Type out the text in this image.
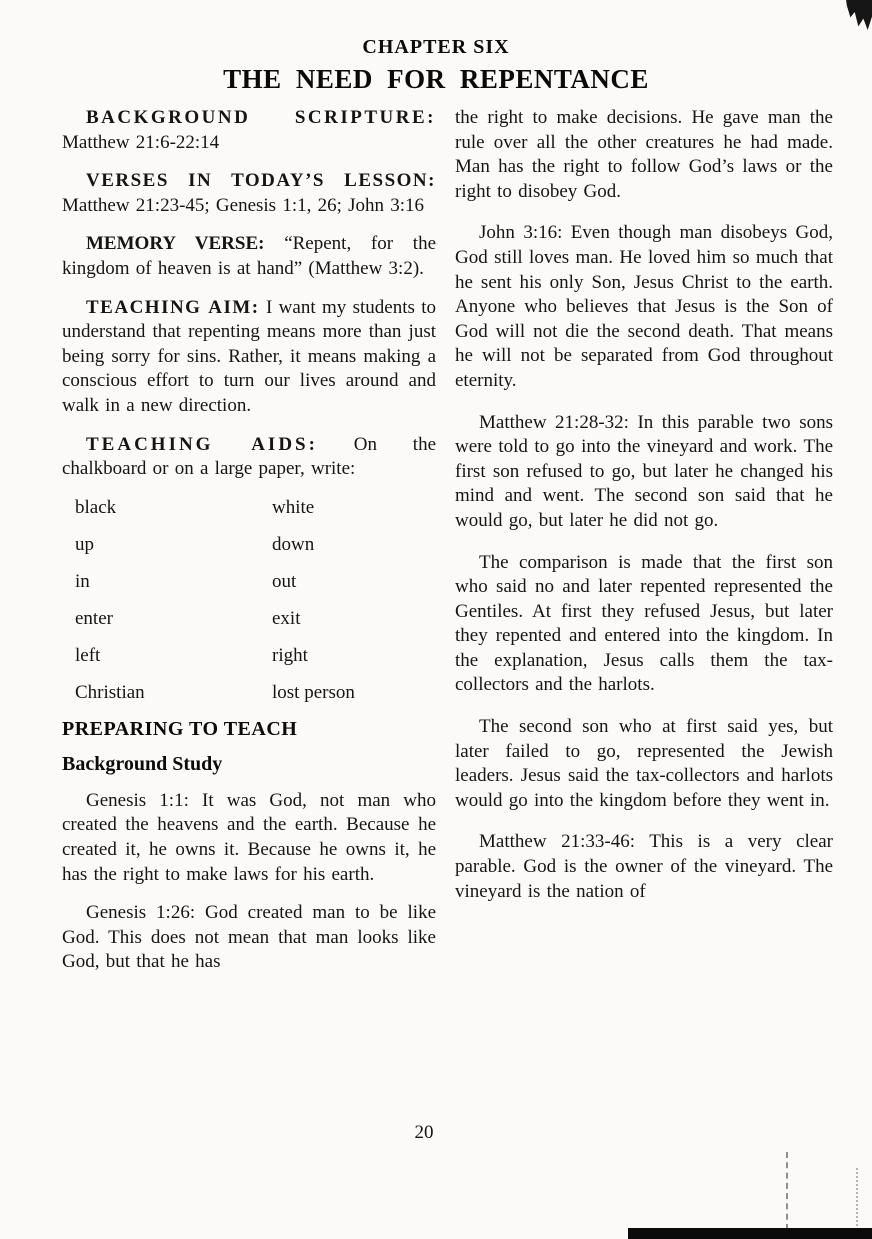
CHAPTER SIX
THE NEED FOR REPENTANCE

BACKGROUND SCRIPTURE: Matthew 21:6-22:14

VERSES IN TODAY’S LESSON: Matthew 21:23-45; Genesis 1:1, 26; John 3:16

MEMORY VERSE: “Repent, for the kingdom of heaven is at hand” (Matthew 3:2).

TEACHING AIM: I want my students to understand that repenting means more than just being sorry for sins. Rather, it means making a conscious effort to turn our lives around and walk in a new direction.

TEACHING AIDS: On the chalkboard or on a large paper, write:

black	white
up	down
in	out
enter	exit
left	right
Christian	lost person
PREPARING TO TEACH
Background Study

Genesis 1:1: It was God, not man who created the heavens and the earth. Because he created it, he owns it. Because he owns it, he has the right to make laws for his earth.

Genesis 1:26: God created man to be like God. This does not mean that man looks like God, but that he has

the right to make decisions. He gave man the rule over all the other creatures he had made. Man has the right to follow God’s laws or the right to disobey God.

John 3:16: Even though man disobeys God, God still loves man. He loved him so much that he sent his only Son, Jesus Christ to the earth. Anyone who believes that Jesus is the Son of God will not die the second death. That means he will not be separated from God throughout eternity.

Matthew 21:28-32: In this parable two sons were told to go into the vineyard and work. The first son refused to go, but later he changed his mind and went. The second son said that he would go, but later he did not go.

The comparison is made that the first son who said no and later repented represented the Gentiles. At first they refused Jesus, but later they repented and entered into the kingdom. In the explanation, Jesus calls them the tax-collectors and the harlots.

The second son who at first said yes, but later failed to go, represented the Jewish leaders. Jesus said the tax-collectors and harlots would go into the kingdom before they went in.

Matthew 21:33-46: This is a very clear parable. God is the owner of the vineyard. The vineyard is the nation of

20
